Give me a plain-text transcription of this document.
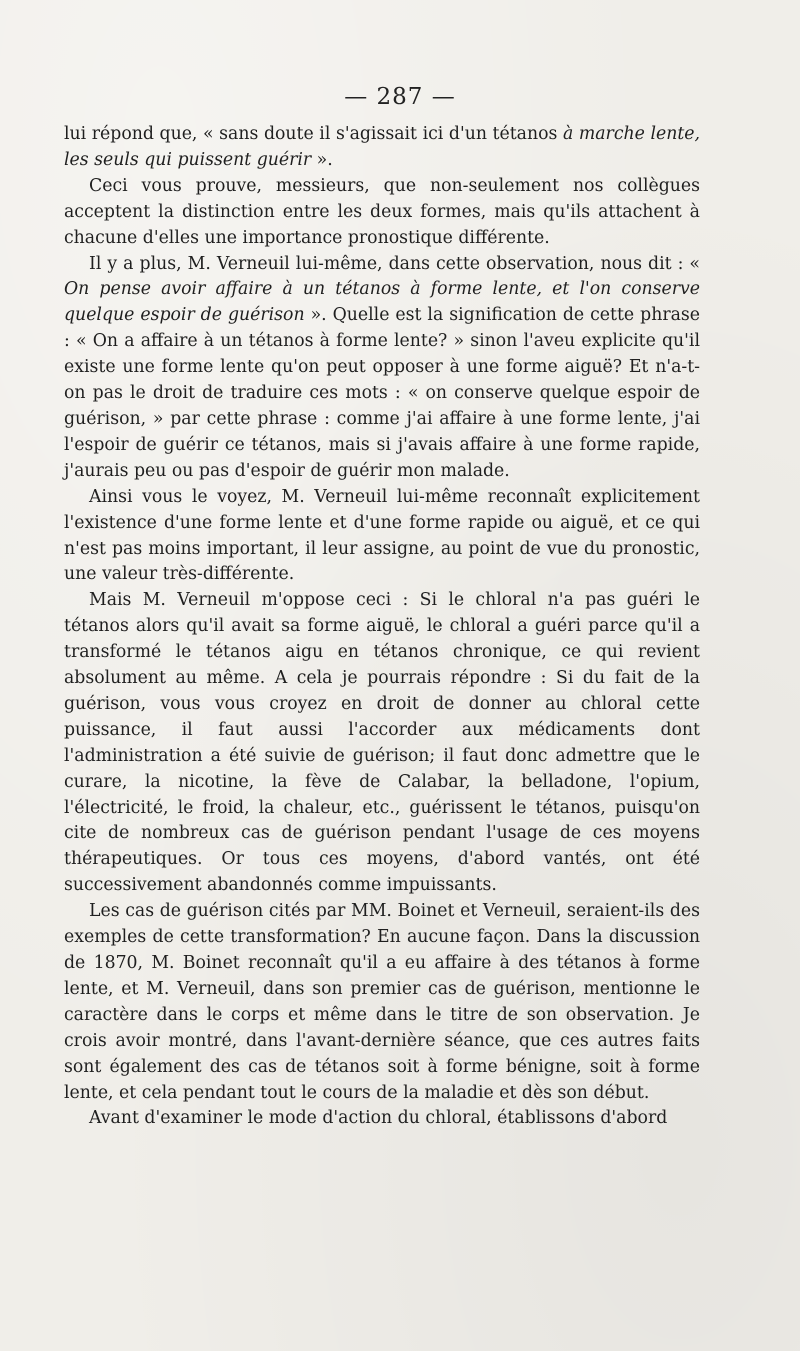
— 287 —

lui répond que, « sans doute il s'agissait ici d'un tétanos à marche lente, les seuls qui puissent guérir ».

Ceci vous prouve, messieurs, que non-seulement nos collègues acceptent la distinction entre les deux formes, mais qu'ils attachent à chacune d'elles une importance pronostique différente.

Il y a plus, M. Verneuil lui-même, dans cette observation, nous dit : « On pense avoir affaire à un tétanos à forme lente, et l'on conserve quelque espoir de guérison ». Quelle est la signification de cette phrase : « On a affaire à un tétanos à forme lente? » sinon l'aveu explicite qu'il existe une forme lente qu'on peut opposer à une forme aiguë? Et n'a-t-on pas le droit de traduire ces mots : « on conserve quelque espoir de guérison, » par cette phrase : comme j'ai affaire à une forme lente, j'ai l'espoir de guérir ce tétanos, mais si j'avais affaire à une forme rapide, j'aurais peu ou pas d'espoir de guérir mon malade.

Ainsi vous le voyez, M. Verneuil lui-même reconnaît explicitement l'existence d'une forme lente et d'une forme rapide ou aiguë, et ce qui n'est pas moins important, il leur assigne, au point de vue du pronostic, une valeur très-différente.

Mais M. Verneuil m'oppose ceci : Si le chloral n'a pas guéri le tétanos alors qu'il avait sa forme aiguë, le chloral a guéri parce qu'il a transformé le tétanos aigu en tétanos chronique, ce qui revient absolument au même. A cela je pourrais répondre : Si du fait de la guérison, vous vous croyez en droit de donner au chloral cette puissance, il faut aussi l'accorder aux médicaments dont l'administration a été suivie de guérison; il faut donc admettre que le curare, la nicotine, la fève de Calabar, la belladone, l'opium, l'électricité, le froid, la chaleur, etc., guérissent le tétanos, puisqu'on cite de nombreux cas de guérison pendant l'usage de ces moyens thérapeutiques. Or tous ces moyens, d'abord vantés, ont été successivement abandonnés comme impuissants.

Les cas de guérison cités par MM. Boinet et Verneuil, seraient-ils des exemples de cette transformation? En aucune façon. Dans la discussion de 1870, M. Boinet reconnaît qu'il a eu affaire à des tétanos à forme lente, et M. Verneuil, dans son premier cas de guérison, mentionne le caractère dans le corps et même dans le titre de son observation. Je crois avoir montré, dans l'avant-dernière séance, que ces autres faits sont également des cas de tétanos soit à forme bénigne, soit à forme lente, et cela pendant tout le cours de la maladie et dès son début.

Avant d'examiner le mode d'action du chloral, établissons d'abord
